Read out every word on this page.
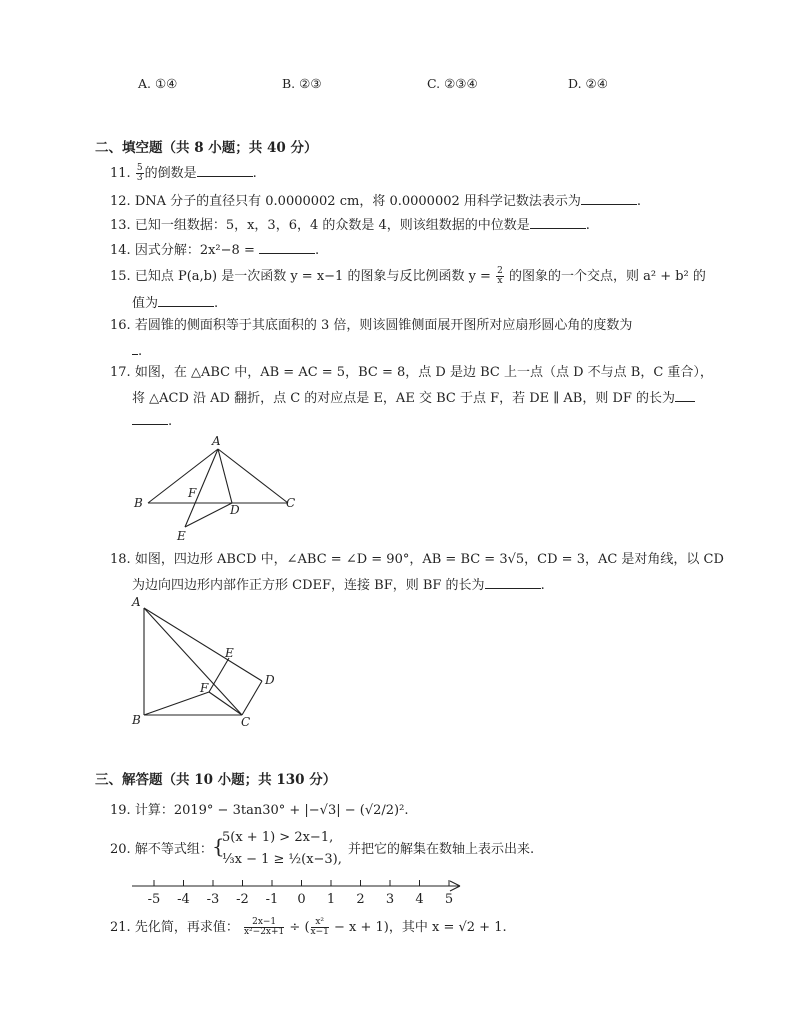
A. ①④	B. ②③	C. ②③④	D. ②④
二、填空题（共 8 小题；共 40 分）
11. $\frac{5}{3}$ 的倒数是	.
12. DNA 分子的直径只有 0.0000002 cm，将 0.0000002 用科学记数法表示为	.
13. 已知一组数据：5，x，3，6，4 的众数是 4，则该组数据的中位数是	.
14. 因式分解：2x²−8 =	.
15. 已知点 P(a,b) 是一次函数 y = x−1 的图象与反比例函数 $y = \frac{2}{x}$ 的图象的一个交点，则 a² + b² 的
值为	.
16. 若圆锥的侧面积等于其底面积的 3 倍，则该圆锥侧面展开图所对应扇形圆心角的度数为
.
17. 如图，在 △ABC 中，AB = AC = 5，BC = 8，点 D 是边 BC 上一点（点 D 不与点 B，C 重合），
将 △ACD 沿 AD 翻折，点 C 的对应点是 E，AE 交 BC 于点 F，若 DE ∥ AB，则 DF 的长为
.
A
B	C
D
E
F
18. 如图，四边形 ABCD 中，∠ABC = ∠D = 90°，AB = BC = 3√5，CD = 3，AC 是对角线，以 CD
为边向四边形内部作正方形 CDEF，连接 BF，则 BF 的长为	.
A
B	C
D
E
F
三、解答题（共 10 小题；共 130 分）
19. 计算：2019° − 3tan30° + |−√3| − (√2/2)².
20. 解不等式组： {
5(x + 1) > 2x−1,
⅓x − 1 ≥ ½(x−3),
并把它的解集在数轴上表示出来.
-5 -4 -3 -2 -1 0 1 2 3 4 5
21. 先化简，再求值： $\frac{2x-1}{\text{x²−2x+1}}$ ÷ ( $\frac{\text{x²}}{x-1} - x + 1$)，其中 x = √2 + 1.
